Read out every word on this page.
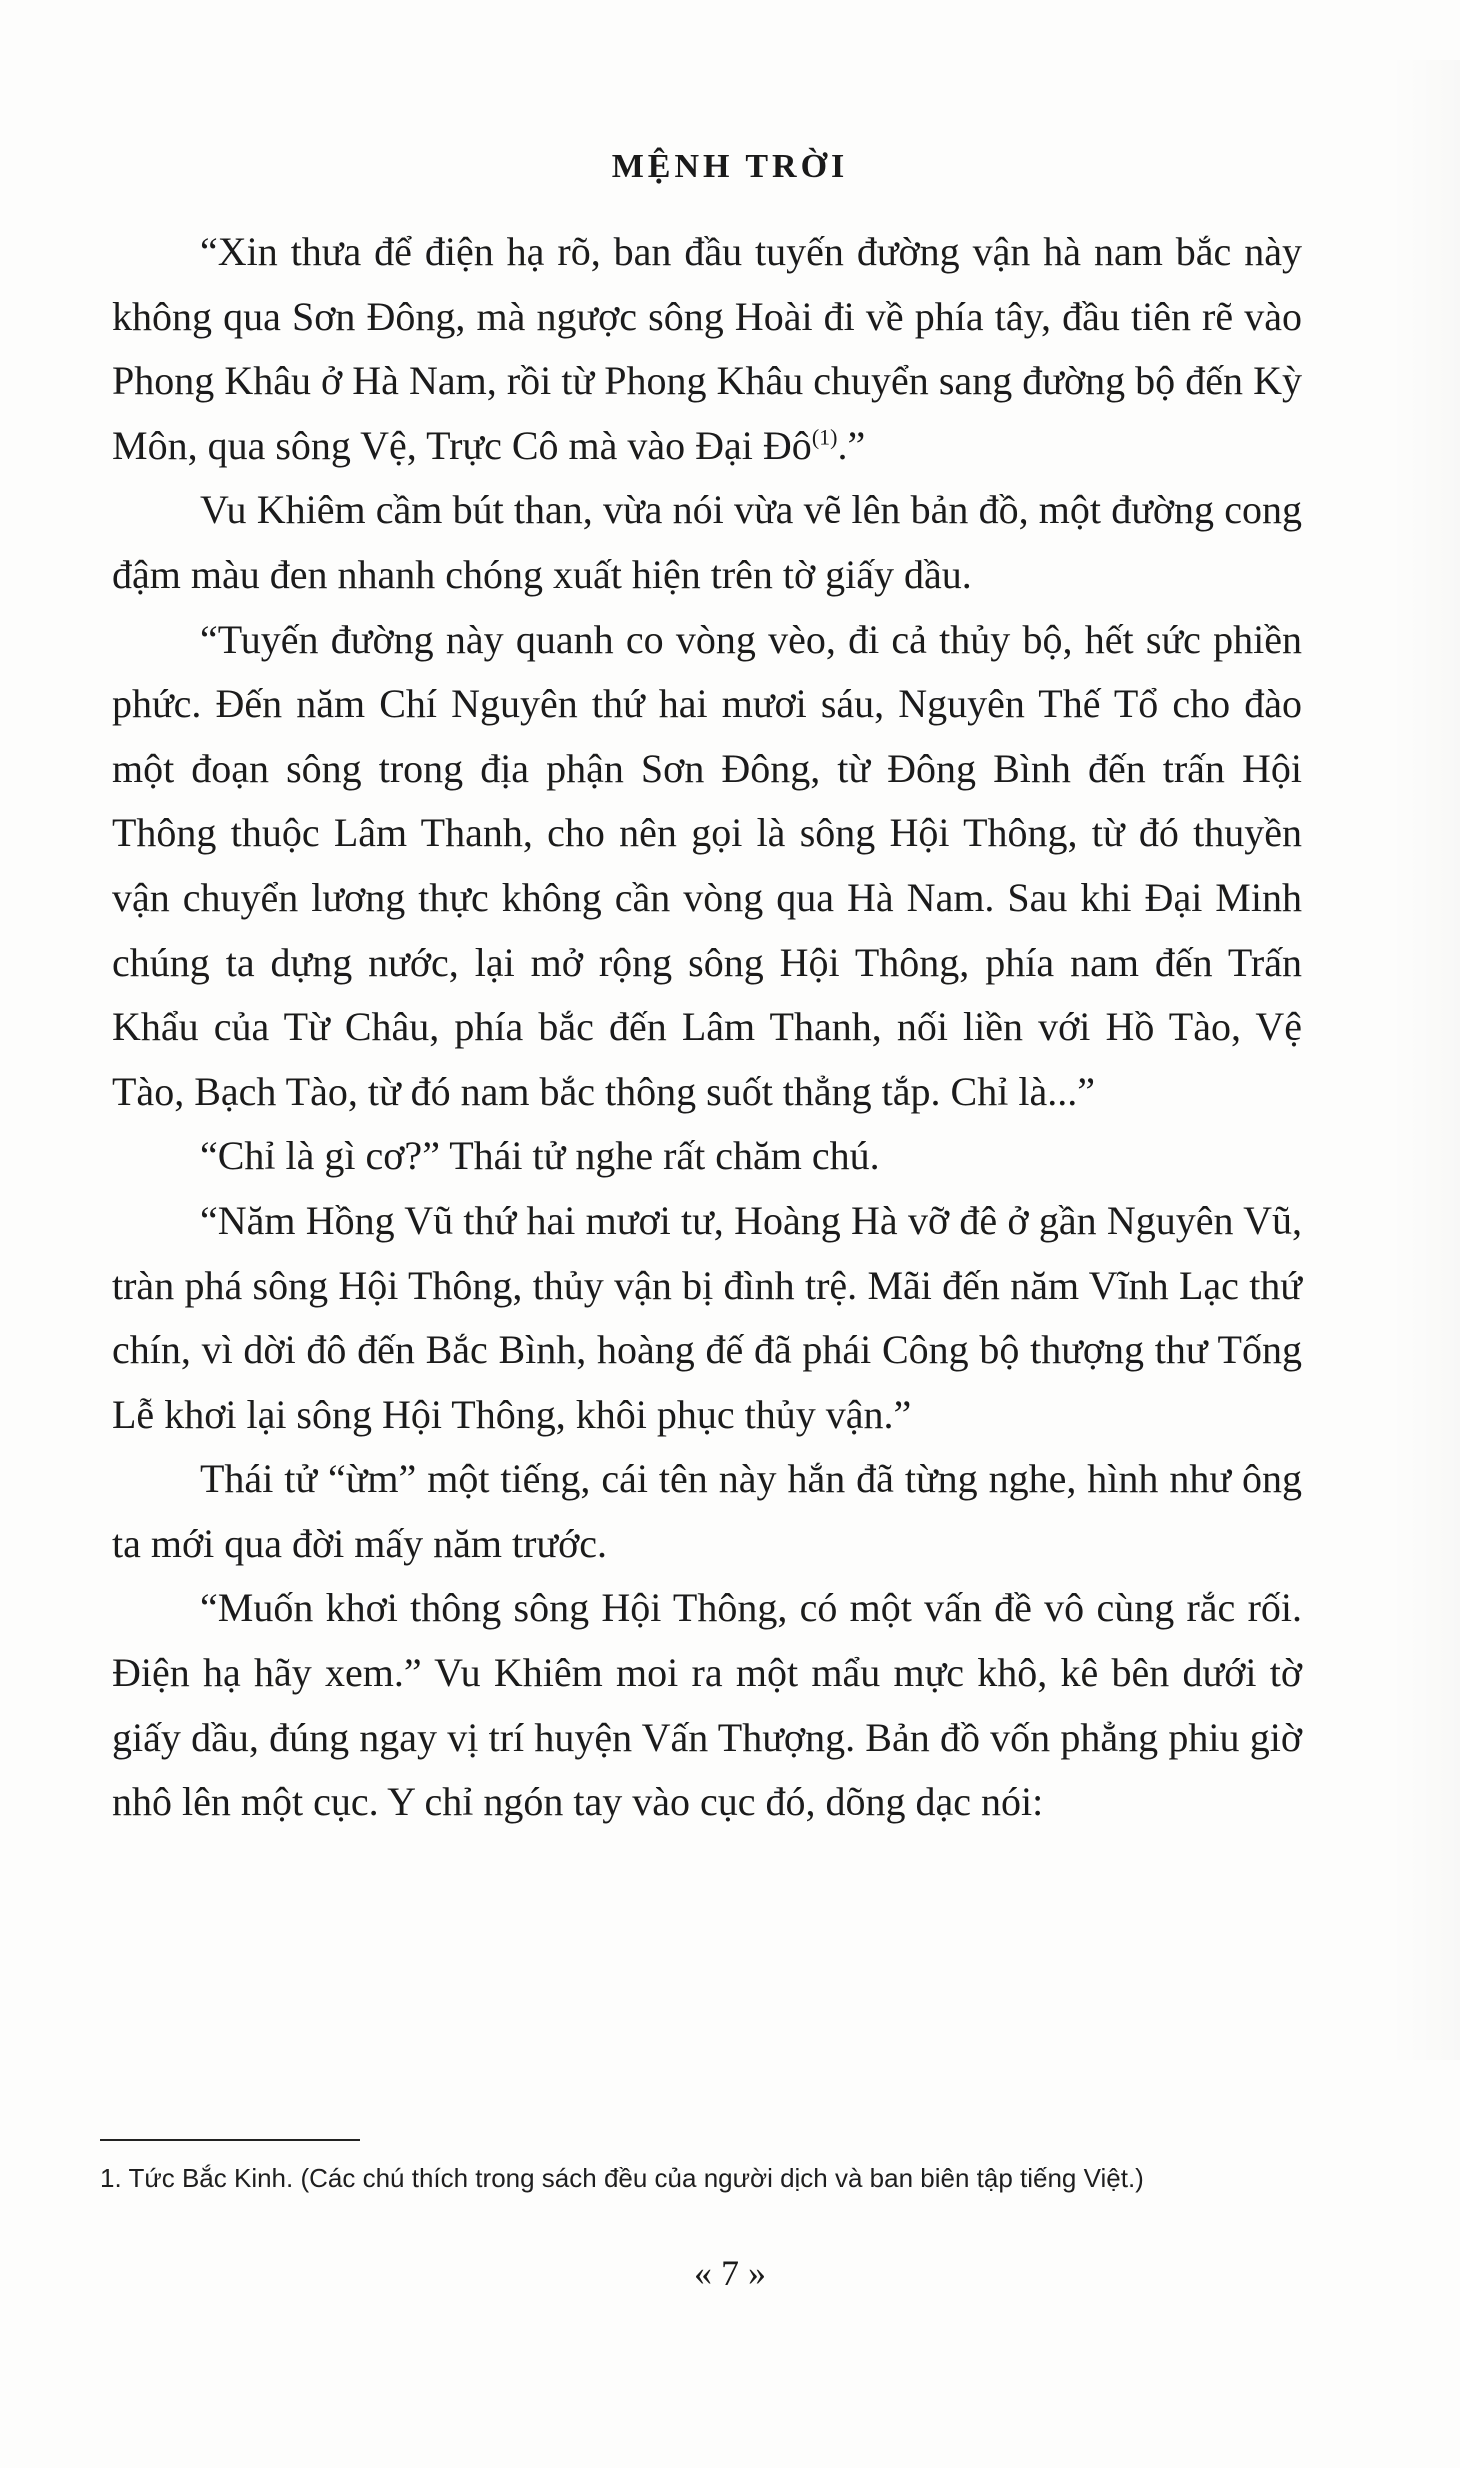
MỆNH TRỜI

“Xin thưa để điện hạ rõ, ban đầu tuyến đường vận hà nam bắc này không qua Sơn Đông, mà ngược sông Hoài đi về phía tây, đầu tiên rẽ vào Phong Khâu ở Hà Nam, rồi từ Phong Khâu chuyển sang đường bộ đến Kỳ Môn, qua sông Vệ, Trực Cô mà vào Đại $Đô^{(1)}$.”

Vu Khiêm cầm bút than, vừa nói vừa vẽ lên bản đồ, một đường cong đậm màu đen nhanh chóng xuất hiện trên tờ giấy dầu.

“Tuyến đường này quanh co vòng vèo, đi cả thủy bộ, hết sức phiền phức. Đến năm Chí Nguyên thứ hai mươi sáu, Nguyên Thế Tổ cho đào một đoạn sông trong địa phận Sơn Đông, từ Đông Bình đến trấn Hội Thông thuộc Lâm Thanh, cho nên gọi là sông Hội Thông, từ đó thuyền vận chuyển lương thực không cần vòng qua Hà Nam. Sau khi Đại Minh chúng ta dựng nước, lại mở rộng sông Hội Thông, phía nam đến Trấn Khẩu của Từ Châu, phía bắc đến Lâm Thanh, nối liền với Hồ Tào, Vệ Tào, Bạch Tào, từ đó nam bắc thông suốt thẳng tắp. Chỉ là...”

“Chỉ là gì cơ?” Thái tử nghe rất chăm chú.

“Năm Hồng Vũ thứ hai mươi tư, Hoàng Hà vỡ đê ở gần Nguyên Vũ, tràn phá sông Hội Thông, thủy vận bị đình trệ. Mãi đến năm Vĩnh Lạc thứ chín, vì dời đô đến Bắc Bình, hoàng đế đã phái Công bộ thượng thư Tống Lễ khơi lại sông Hội Thông, khôi phục thủy vận.”

Thái tử “ừm” một tiếng, cái tên này hắn đã từng nghe, hình như ông ta mới qua đời mấy năm trước.

“Muốn khơi thông sông Hội Thông, có một vấn đề vô cùng rắc rối. Điện hạ hãy xem.” Vu Khiêm moi ra một mẩu mực khô, kê bên dưới tờ giấy dầu, đúng ngay vị trí huyện Vấn Thượng. Bản đồ vốn phẳng phiu giờ nhô lên một cục. Y chỉ ngón tay vào cục đó, dõng dạc nói:

1. Tức Bắc Kinh. (Các chú thích trong sách đều của người dịch và ban biên tập tiếng Việt.)
« 7 »
